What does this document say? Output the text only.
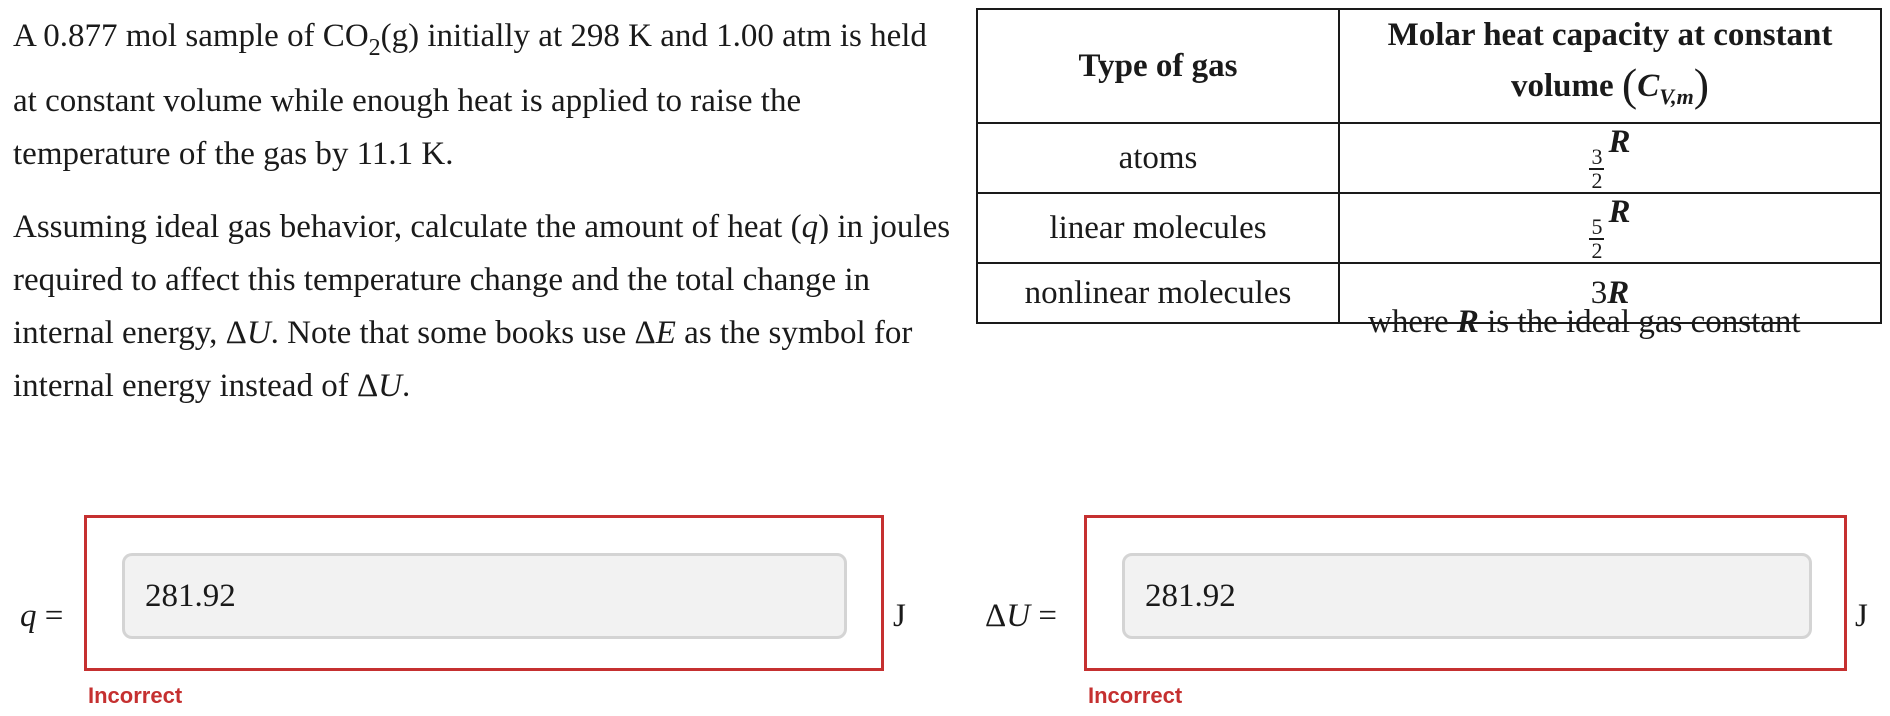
A 0.877 mol sample of $CO_2(g)$ initially at 298 K and 1.00 atm is held at constant volume while enough heat is applied to raise the temperature of the gas by 11.1 K.

Assuming ideal gas behavior, calculate the amount of heat (q) in joules required to affect this temperature change and the total change in internal energy, ΔU. Note that some books use ΔE as the symbol for internal energy instead of ΔU.

Type of gas	Molar heat capacity at constant
volume $(C_{V,m})$
atoms	$\frac{3}{2}$
R
linear molecules	$\frac{5}{2}$
R
nonlinear molecules	3R
where R is the ideal gas constant
q =
281.92	J
Incorrect
ΔU =
281.92	J
Incorrect
